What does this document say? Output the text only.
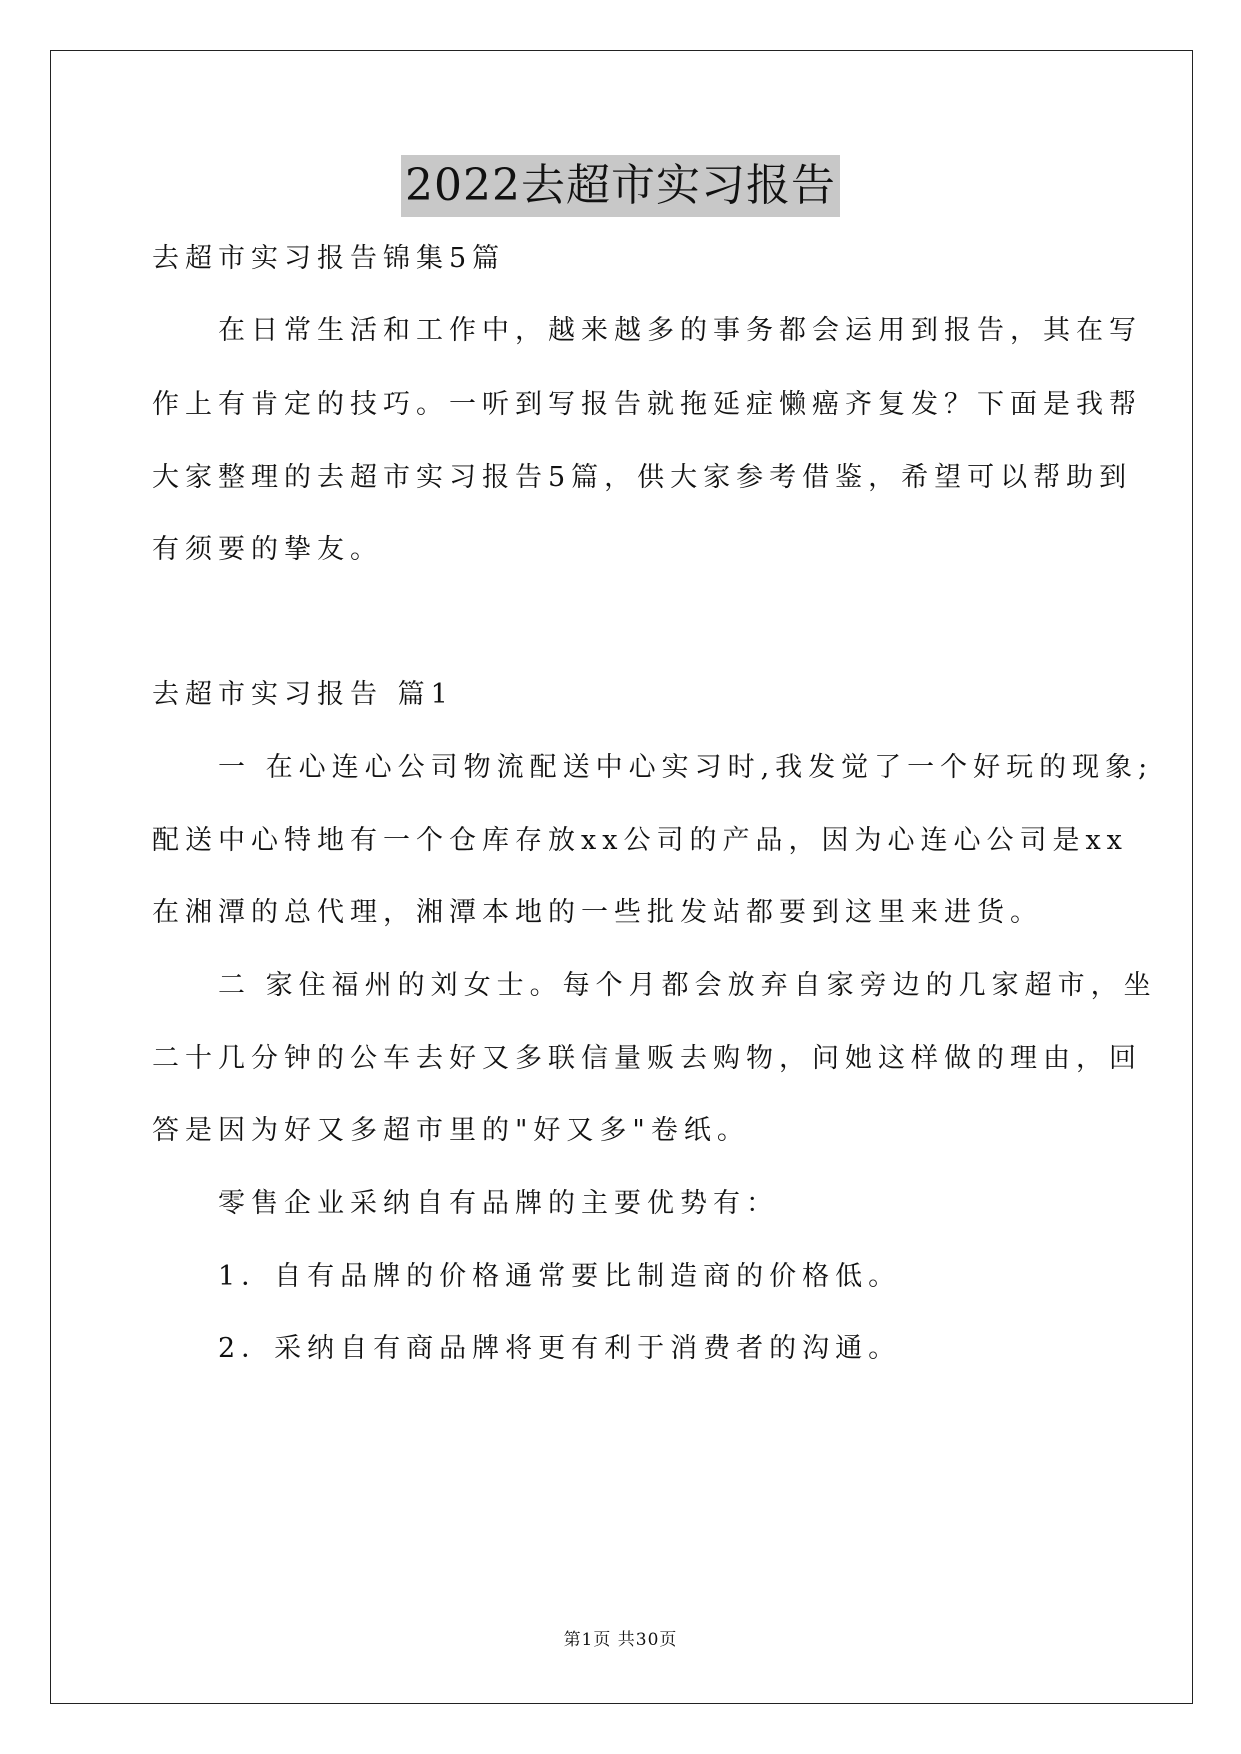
2022去超市实习报告
去超市实习报告锦集5篇
　　在日常生活和工作中，越来越多的事务都会运用到报告，其在写
作上有肯定的技巧。一听到写报告就拖延症懒癌齐复发？下面是我帮
大家整理的去超市实习报告5篇，供大家参考借鉴，希望可以帮助到
有须要的挚友。
去超市实习报告 篇1
　　一 在心连心公司物流配送中心实习时,我发觉了一个好玩的现象;
配送中心特地有一个仓库存放xx公司的产品，因为心连心公司是xx
在湘潭的总代理，湘潭本地的一些批发站都要到这里来进货。
　　二 家住福州的刘女士。每个月都会放弃自家旁边的几家超市，坐
二十几分钟的公车去好又多联信量贩去购物，问她这样做的理由，回
答是因为好又多超市里的"好又多"卷纸。
　　零售企业采纳自有品牌的主要优势有：
　　1．自有品牌的价格通常要比制造商的价格低。
　　2．采纳自有商品牌将更有利于消费者的沟通。
第1页 共30页
